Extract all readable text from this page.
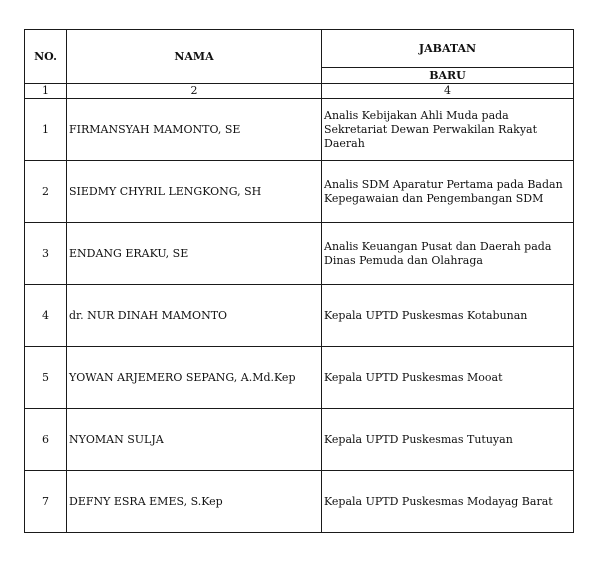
NO.	NAMA	JABATAN
		BARU
1	2	4
1	FIRMANSYAH MAMONTO, SE	Analis Kebijakan Ahli Muda pada Sekretariat Dewan Perwakilan Rakyat Daerah
2	SIEDMY CHYRIL LENGKONG, SH	Analis SDM Aparatur Pertama pada Badan Kepegawaian dan Pengembangan SDM
3	ENDANG ERAKU, SE	Analis Keuangan Pusat dan Daerah pada Dinas Pemuda dan Olahraga
4	dr. NUR DINAH MAMONTO	Kepala UPTD Puskesmas Kotabunan
5	YOWAN ARJEMERO SEPANG, A.Md.Kep	Kepala UPTD Puskesmas Mooat
6	NYOMAN SULJA	Kepala UPTD Puskesmas Tutuyan
7	DEFNY ESRA EMES, S.Kep	Kepala UPTD Puskesmas Modayag Barat
